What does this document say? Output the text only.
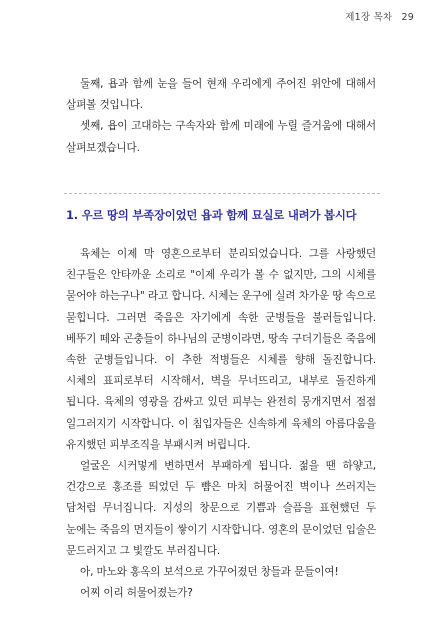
제1장 목차 29

둘째, 욥과 함께 눈을 들어 현재 우리에게 주어진 위안에 대해서 살펴볼 것입니다.

셋째, 욥이 고대하는 구속자와 함께 미래에 누릴 즐거움에 대해서 살펴보겠습니다.

1. 우르 땅의 부족장이었던 욥과 함께 묘실로 내려가 봅시다

육체는 이제 막 영혼으로부터 분리되었습니다. 그를 사랑했던 친구들은 안타까운 소리로 "이제 우리가 볼 수 없지만, 그의 시체를 묻어야 하는구나" 라고 합니다. 시체는 운구에 실려 차가운 땅 속으로 묻힙니다. 그러면 죽음은 자기에게 속한 군병들을 불러들입니다. 베뚜기 떼와 곤충들이 하나님의 군병이라면, 땅속 구더기들은 죽음에 속한 군병들입니다. 이 추한 적병들은 시체를 향해 돌진합니다. 시체의 표피로부터 시작해서, 벽을 무너뜨리고, 내부로 돌진하게 됩니다. 육체의 영광을 감싸고 있던 피부는 완전히 뭉개지면서 점점 일그러지기 시작합니다. 이 침입자들은 신속하게 육체의 아름다움을 유지했던 피부조직을 부패시켜 버립니다.

얼굴은 시커멓게 변하면서 부패하게 됩니다. 젊을 땐 하얗고, 건강으로 홍조를 띄었던 두 뺨은 마치 허물어진 벽이나 쓰러지는 담처럼 무너집니다. 지성의 창문으로 기쁨과 슬픔을 표현했던 두 눈에는 죽음의 먼지들이 쌓이기 시작합니다. 영혼의 문이었던 입술은 문드러지고 그 빛깔도 부러집니다.

아, 마노와 홍옥의 보석으로 가꾸어졌던 창들과 문들이여!

어찌 이리 허물어졌는가?
